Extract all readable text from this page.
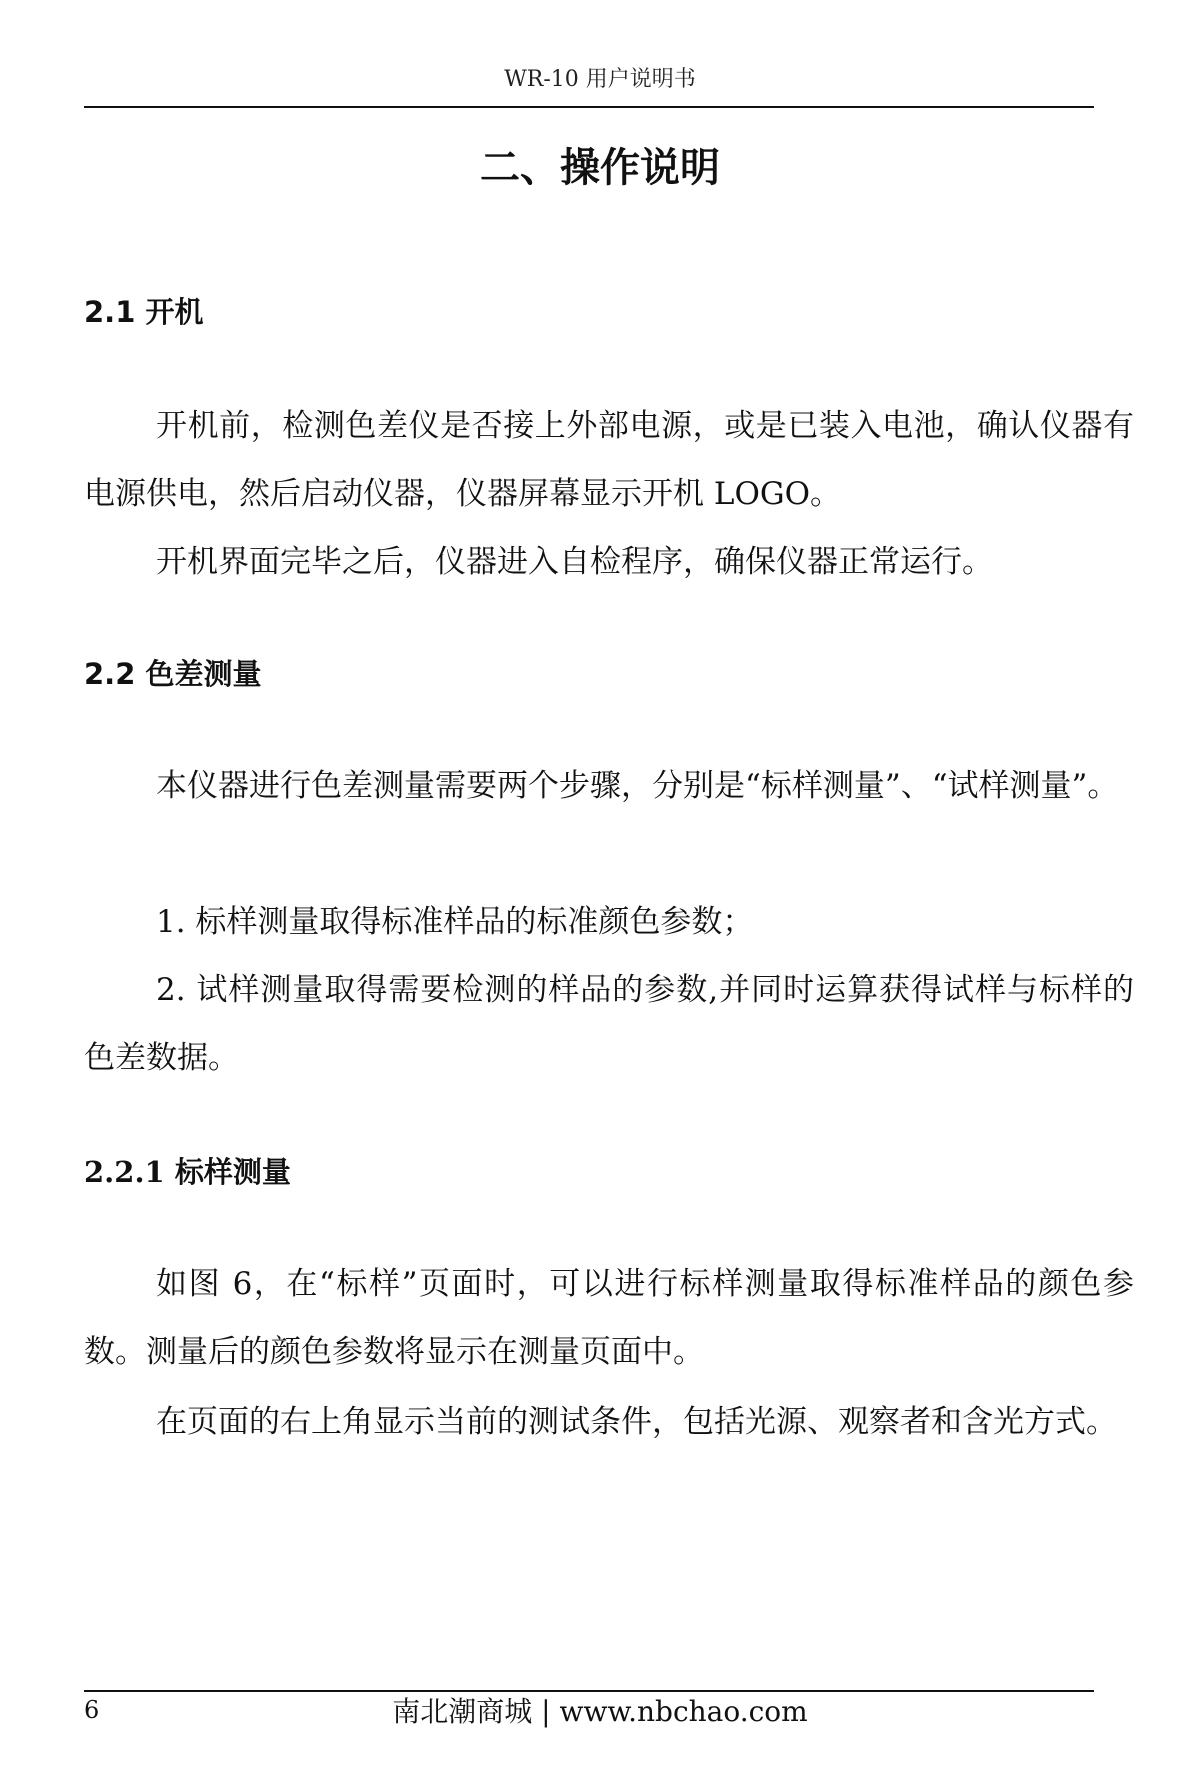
WR-10 用户说明书
二、操作说明
2.1 开机

开机前，检测色差仪是否接上外部电源，或是已装入电池，确认仪器有电源供电，然后启动仪器，仪器屏幕显示开机 LOGO。

开机界面完毕之后，仪器进入自检程序，确保仪器正常运行。

2.2 色差测量

本仪器进行色差测量需要两个步骤，分别是“标样测量”、“试样测量”。

1. 标样测量取得标准样品的标准颜色参数；

2. 试样测量取得需要检测的样品的参数,并同时运算获得试样与标样的色差数据。

2.2.1 标样测量

如图 6，在“标样”页面时，可以进行标样测量取得标准样品的颜色参数。测量后的颜色参数将显示在测量页面中。

在页面的右上角显示当前的测试条件，包括光源、观察者和含光方式。

6	南北潮商城 | www.nbchao.com
